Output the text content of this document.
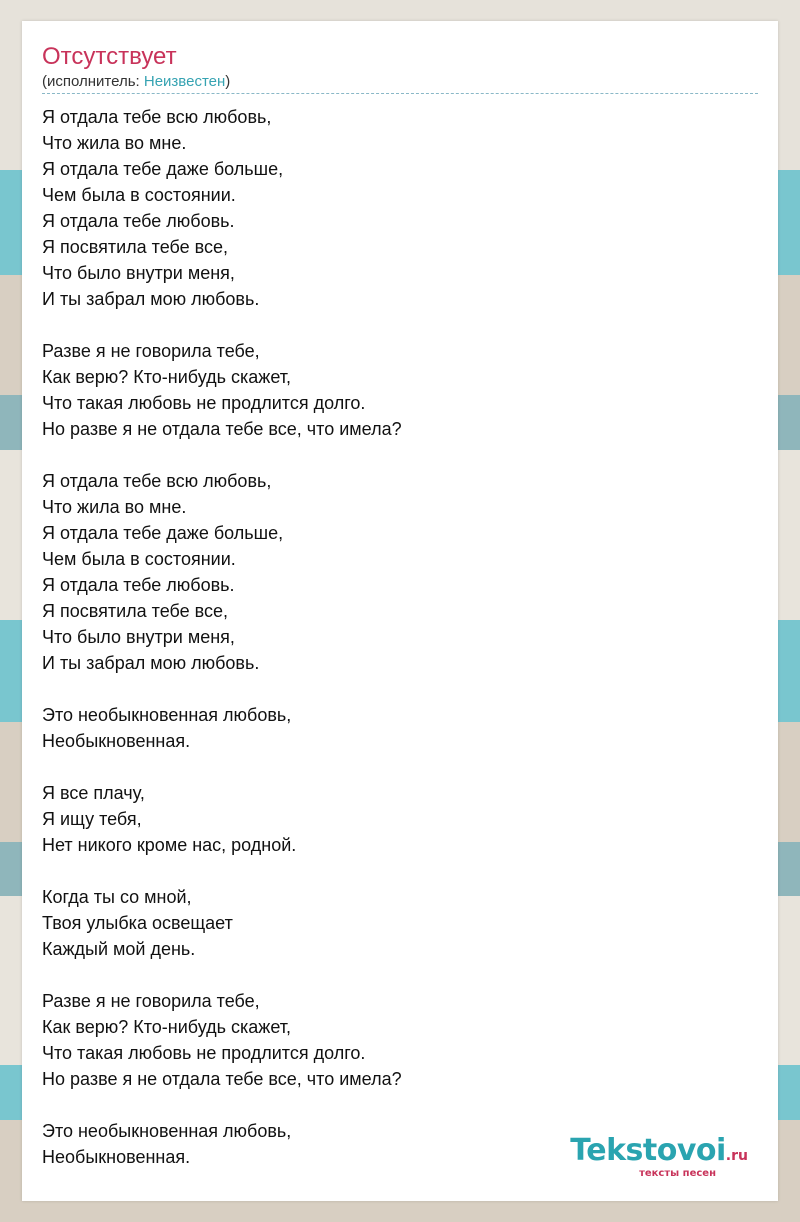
Отсутствует
(исполнитель: Неизвестен)
Я отдала тебе всю любовь,
Что жила во мне.
Я отдала тебе даже больше,
Чем была в состоянии.
Я отдала тебе любовь.
Я посвятила тебе все,
Что было внутри меня,
И ты забрал мою любовь.

Разве я не говорила тебе,
Как верю? Кто-нибудь скажет,
Что такая любовь не продлится долго.
Но разве я не отдала тебе все, что имела?

Я отдала тебе всю любовь,
Что жила во мне.
Я отдала тебе даже больше,
Чем была в состоянии.
Я отдала тебе любовь.
Я посвятила тебе все,
Что было внутри меня,
И ты забрал мою любовь.

Это необыкновенная любовь,
Необыкновенная.

Я все плачу,
Я ищу тебя,
Нет никого кроме нас, родной.

Когда ты со мной,
Твоя улыбка освещает
Каждый мой день.

Разве я не говорила тебе,
Как верю? Кто-нибудь скажет,
Что такая любовь не продлится долго.
Но разве я не отдала тебе все, что имела?

Это необыкновенная любовь,
Необыкновенная.	Tekstovoi.ru
тексты песен
